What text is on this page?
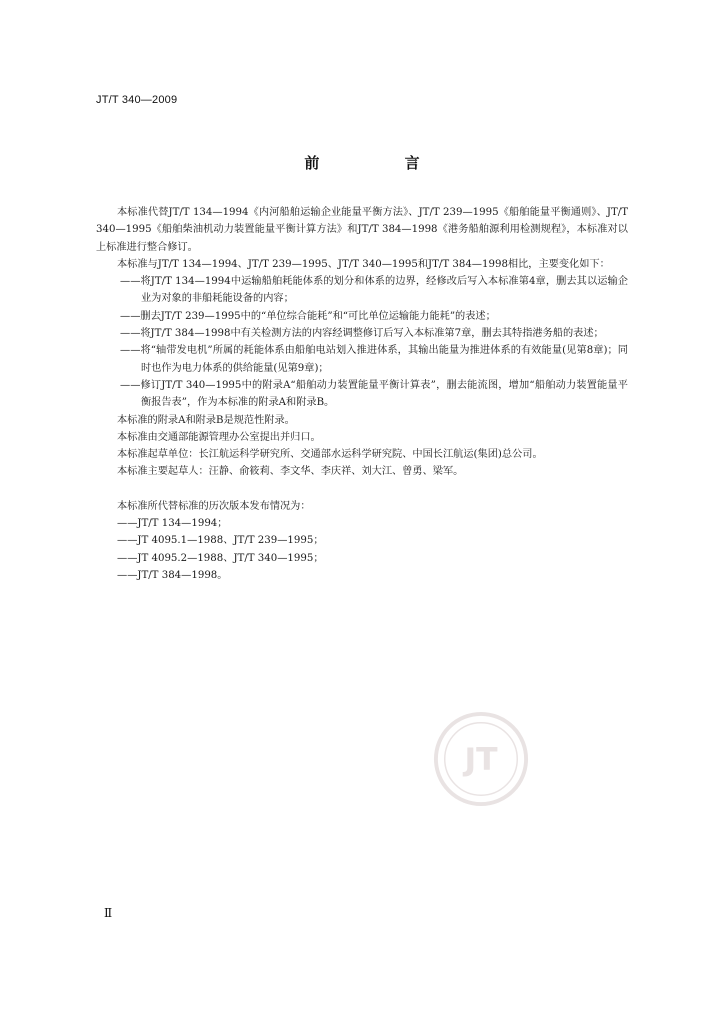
JT/T 340—2009
前 言

本标准代替JT/T 134—1994《内河船舶运输企业能量平衡方法》、JT/T 239—1995《船舶能量平衡通则》、JT/T 340—1995《船舶柴油机动力装置能量平衡计算方法》和JT/T 384—1998《港务船舶源利用检测规程》，本标准对以上标准进行整合修订。

本标准与JT/T 134—1994、JT/T 239—1995、JT/T 340—1995和JT/T 384—1998相比，主要变化如下：

——将JT/T 134—1994中运输船舶耗能体系的划分和体系的边界，经修改后写入本标准第4章，删去其以运输企业为对象的非船耗能设备的内容；

——删去JT/T 239—1995中的“单位综合能耗”和“可比单位运输能力能耗”的表述；

——将JT/T 384—1998中有关检测方法的内容经调整修订后写入本标准第7章，删去其特指港务船的表述；

——将“轴带发电机”所属的耗能体系由船舶电站划入推进体系，其输出能量为推进体系的有效能量(见第8章)；同时也作为电力体系的供给能量(见第9章)；

——修订JT/T 340—1995中的附录A“船舶动力装置能量平衡计算表”，删去能流图，增加“船舶动力装置能量平衡报告表”，作为本标准的附录A和附录B。

本标准的附录A和附录B是规范性附录。

本标准由交通部能源管理办公室提出并归口。

本标准起草单位：长江航运科学研究所、交通部水运科学研究院、中国长江航运(集团)总公司。

本标准主要起草人：汪静、俞筱莉、李文华、李庆祥、刘大江、曾勇、梁军。

本标准所代替标准的历次版本发布情况为：

——JT/T 134—1994；

——JT 4095.1—1988、JT/T 239—1995；

——JT 4095.2—1988、JT/T 340—1995；

——JT/T 384—1998。

JT
Ⅱ
